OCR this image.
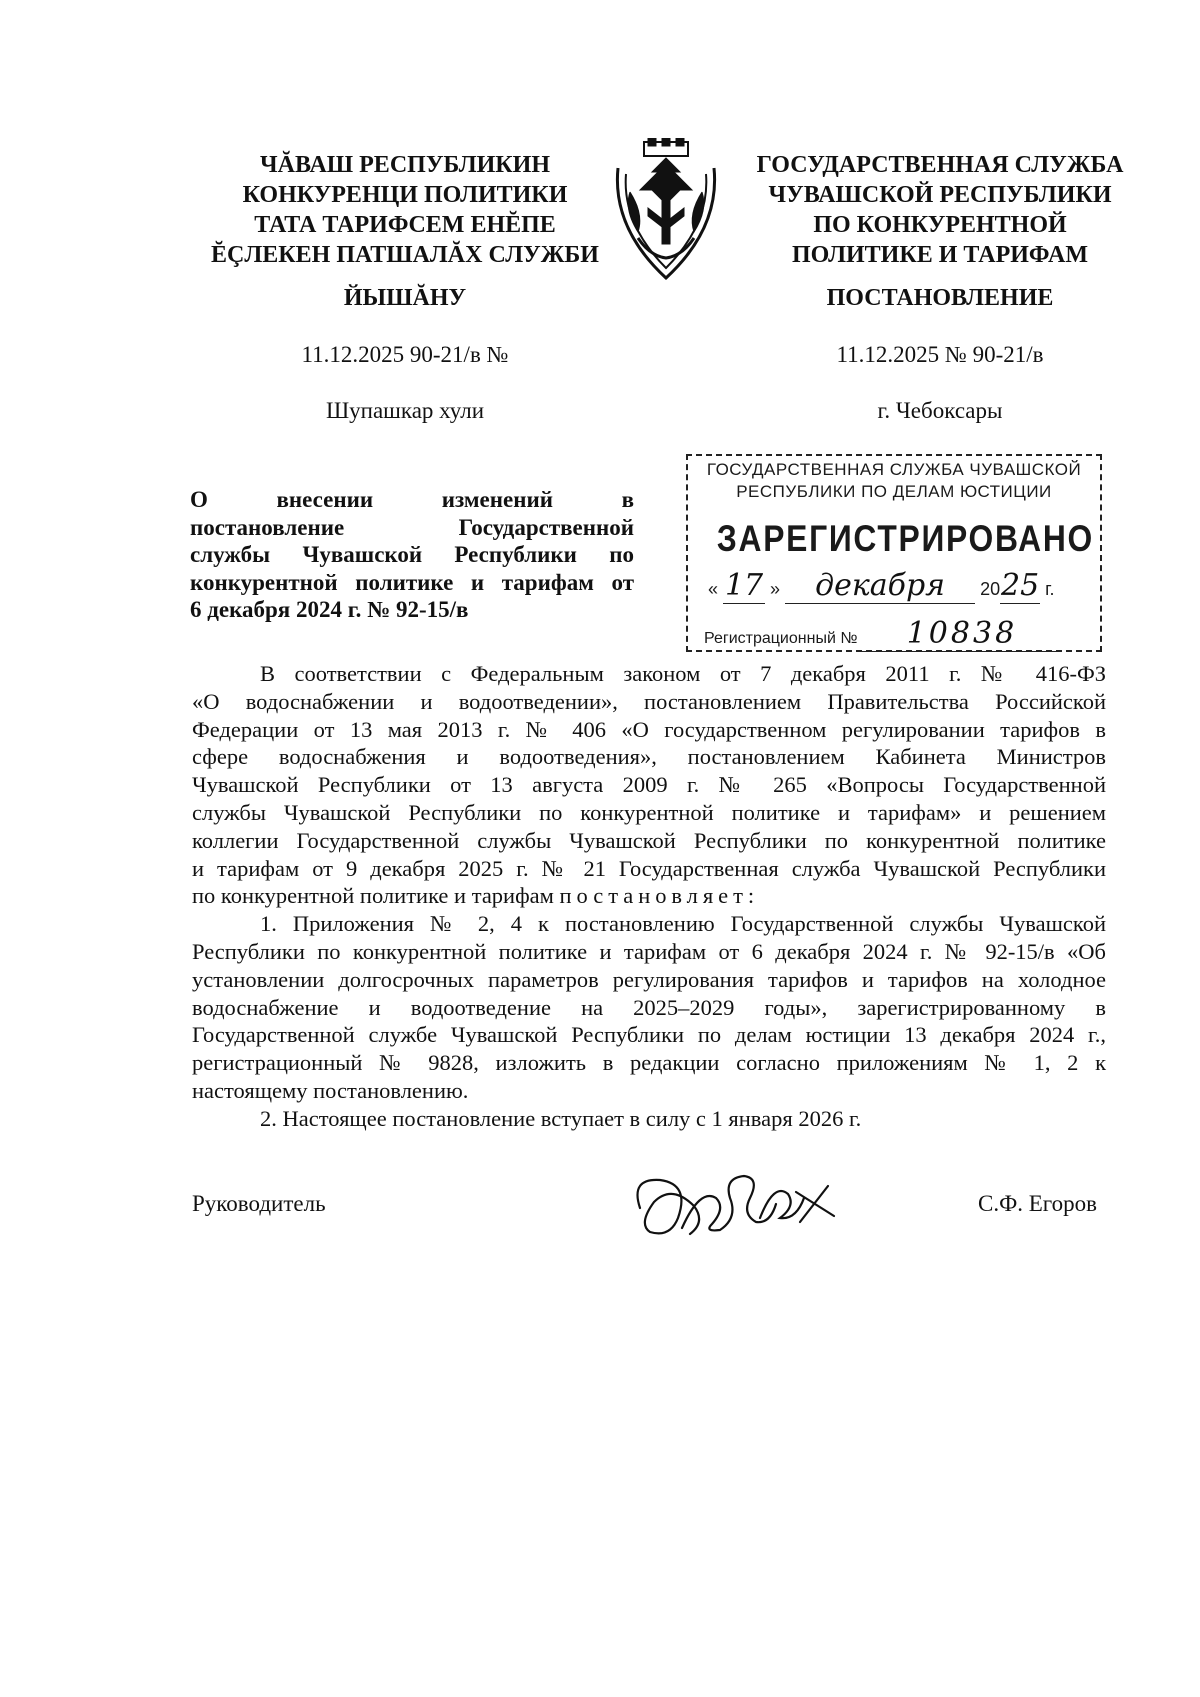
ЧĂВАШ РЕСПУБЛИКИН
КОНКУРЕНЦИ ПОЛИТИКИ
ТАТА ТАРИФСЕМ ЕНĔПЕ
ĔÇЛЕКЕН ПАТШАЛĂХ СЛУЖБИ
ГОСУДАРСТВЕННАЯ СЛУЖБА
ЧУВАШСКОЙ РЕСПУБЛИКИ
ПО КОНКУРЕНТНОЙ
ПОЛИТИКЕ И ТАРИФАМ
ЙЫШĂНУ	ПОСТАНОВЛЕНИЕ
11.12.2025 90-21/в №	11.12.2025 № 90-21/в
Шупашкар хули	г. Чебоксары
ГОСУДАРСТВЕННАЯ СЛУЖБА ЧУВАШСКОЙ
РЕСПУБЛИКИ ПО ДЕЛАМ ЮСТИЦИИ
ЗАРЕГИСТРИРОВАНО
« 17 » декабря 2025 г.
Регистрационный № 10838
О внесении изменений в
постановление Государственной
службы Чувашской Республики по
конкурентной политике и тарифам от
6 декабря 2024 г. № 92-15/в
В соответствии с Федеральным законом от 7 декабря 2011 г. № 416-ФЗ
«О водоснабжении и водоотведении», постановлением Правительства Российской
Федерации от 13 мая 2013 г. № 406 «О государственном регулировании тарифов в
сфере водоснабжения и водоотведения», постановлением Кабинета Министров
Чувашской Республики от 13 августа 2009 г. № 265 «Вопросы Государственной
службы Чувашской Республики по конкурентной политике и тарифам» и решением
коллегии Государственной службы Чувашской Республики по конкурентной политике
и тарифам от 9 декабря 2025 г. № 21 Государственная служба Чувашской Республики
по конкурентной политике и тарифам постановляет:
1. Приложения № 2, 4 к постановлению Государственной службы Чувашской
Республики по конкурентной политике и тарифам от 6 декабря 2024 г. № 92-15/в «Об
установлении долгосрочных параметров регулирования тарифов и тарифов на холодное
водоснабжение и водоотведение на 2025–2029 годы», зарегистрированному в
Государственной службе Чувашской Республики по делам юстиции 13 декабря 2024 г.,
регистрационный № 9828, изложить в редакции согласно приложениям № 1, 2 к
настоящему постановлению.
2. Настоящее постановление вступает в силу с 1 января 2026 г.
Руководитель	С.Ф. Егоров
